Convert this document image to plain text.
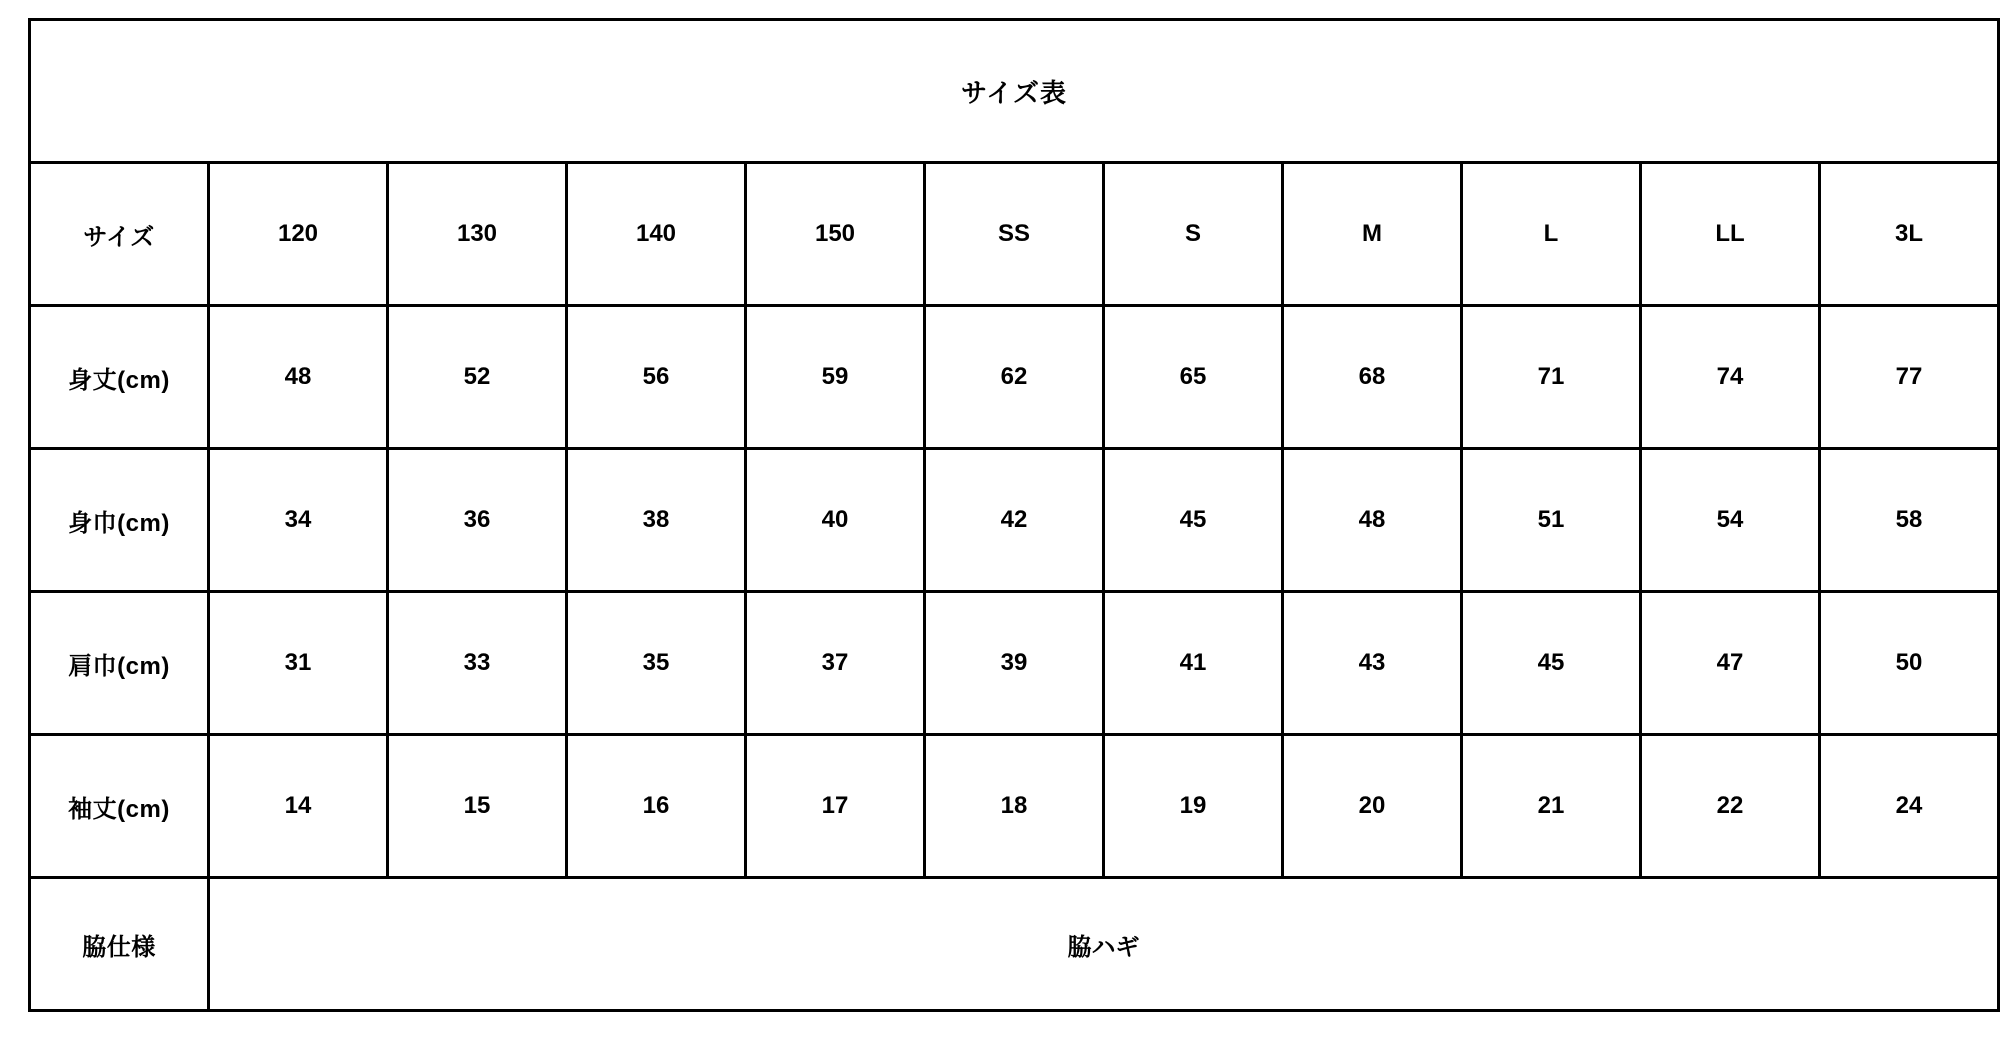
サイズ表										
サイズ	120	130	140	150	SS	S	M	L	LL	3L
身丈(cm)	48	52	56	59	62	65	68	71	74	77
身巾(cm)	34	36	38	40	42	45	48	51	54	58
肩巾(cm)	31	33	35	37	39	41	43	45	47	50
袖丈(cm)	14	15	16	17	18	19	20	21	22	24
脇仕様	脇ハギ									
